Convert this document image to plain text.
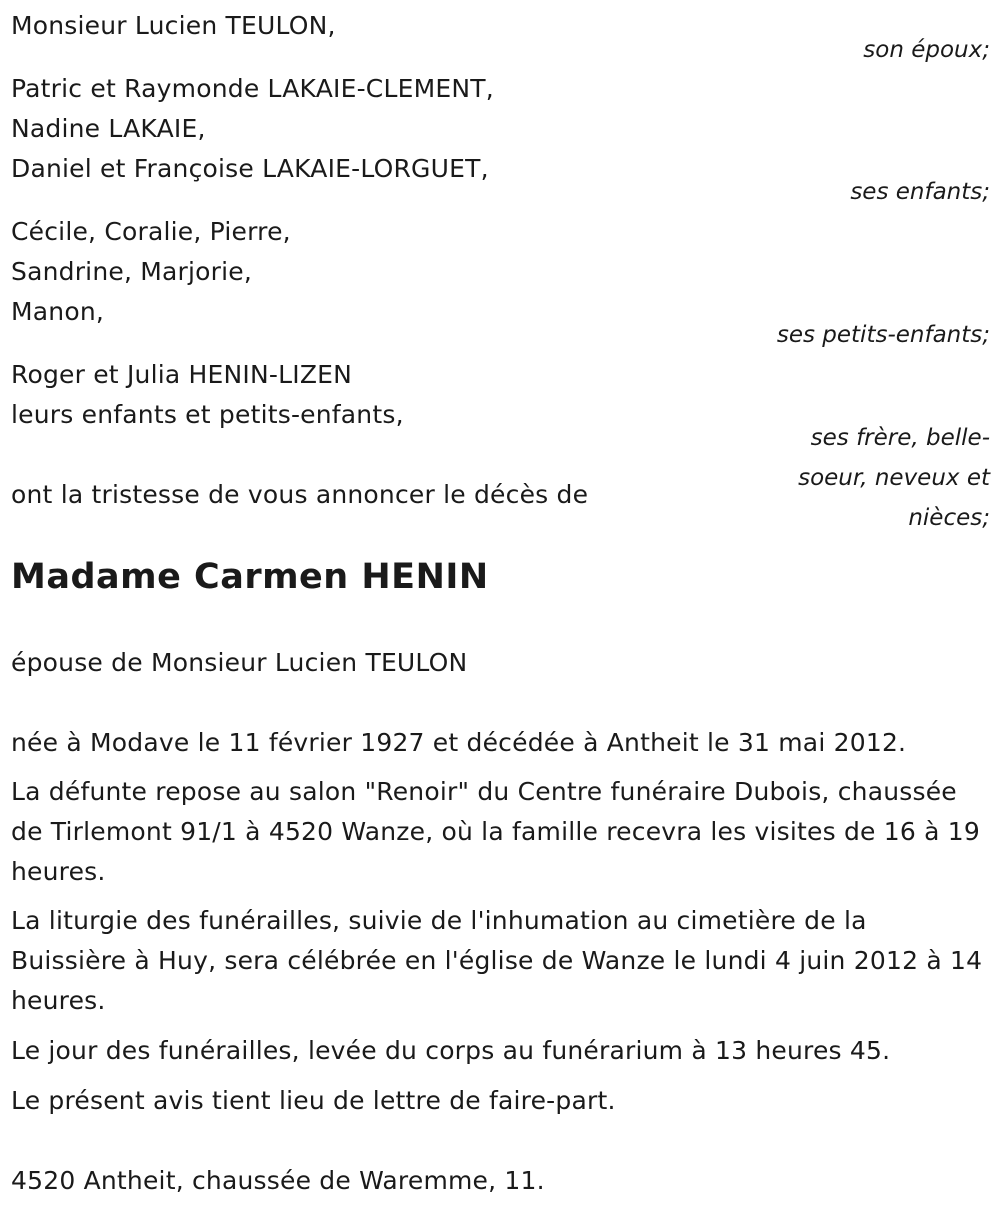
Monsieur Lucien TEULON,
son époux;
Patric et Raymonde LAKAIE-CLEMENT,
Nadine LAKAIE,
Daniel et Françoise LAKAIE-LORGUET,
ses enfants;
Cécile, Coralie, Pierre,
Sandrine, Marjorie,
Manon,
ses petits-enfants;
Roger et Julia HENIN-LIZEN
leurs enfants et petits-enfants,
ses frère, belle-soeur, neveux et nièces;
ont la tristesse de vous annoncer le décès de
Madame Carmen HENIN
épouse de Monsieur Lucien TEULON
née à Modave le 11 février 1927 et décédée à Antheit le 31 mai 2012.
La défunte repose au salon "Renoir" du Centre funéraire Dubois, chaussée de Tirlemont 91/1 à 4520 Wanze, où la famille recevra les visites de 16 à 19 heures.
La liturgie des funérailles, suivie de l'inhumation au cimetière de la Buissière à Huy, sera célébrée en l'église de Wanze le lundi 4 juin 2012 à 14 heures.
Le jour des funérailles, levée du corps au funérarium à 13 heures 45.
Le présent avis tient lieu de lettre de faire-part.
4520 Antheit, chaussée de Waremme, 11.
